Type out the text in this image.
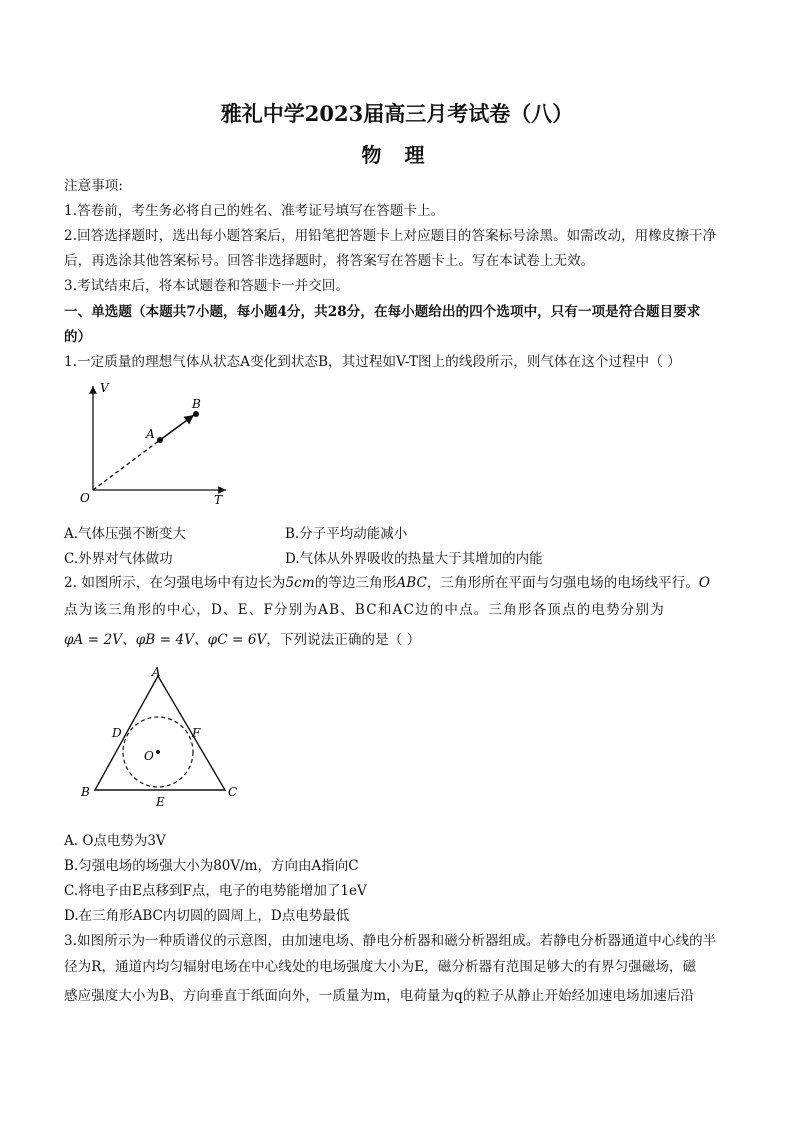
雅礼中学2023届高三月考试卷（八）
物 理
注意事项:
1.答卷前，考生务必将自己的姓名、准考证号填写在答题卡上。
2.回答选择题时，选出每小题答案后，用铅笔把答题卡上对应题目的答案标号涂黑。如需改动，用橡皮擦干净
后，再选涂其他答案标号。回答非选择题时，将答案写在答题卡上。写在本试卷上无效。
3.考试结束后，将本试题卷和答题卡一并交回。
一、单选题（本题共7小题，每小题4分，共28分，在每小题给出的四个选项中，只有一项是符合题目要求
的）
1.一定质量的理想气体从状态A变化到状态B，其过程如V-T图上的线段所示，则气体在这个过程中（ ）
V
T
O
A
B
A.气体压强不断变大	B.分子平均动能减小
C.外界对气体做功	D.气体从外界吸收的热量大于其增加的内能
2. 如图所示，在匀强电场中有边长为5cm的等边三角形ABC，三角形所在平面与匀强电场的电场线平行。O
点为该三角形的中心，D、E、F分别为AB、BC和AC边的中点。三角形各顶点的电势分别为
φA = 2V、φB = 4V、φC = 6V，下列说法正确的是（ ）
A
B	C
D
E
F
O
A. O点电势为3V
B.匀强电场的场强大小为80V/m，方向由A指向C
C.将电子由E点移到F点，电子的电势能增加了1eV
D.在三角形ABC内切圆的圆周上，D点电势最低
3.如图所示为一种质谱仪的示意图，由加速电场、静电分析器和磁分析器组成。若静电分析器通道中心线的半
径为R，通道内均匀辐射电场在中心线处的电场强度大小为E，磁分析器有范围足够大的有界匀强磁场，磁
感应强度大小为B、方向垂直于纸面向外，一质量为m，电荷量为q的粒子从静止开始经加速电场加速后沿
